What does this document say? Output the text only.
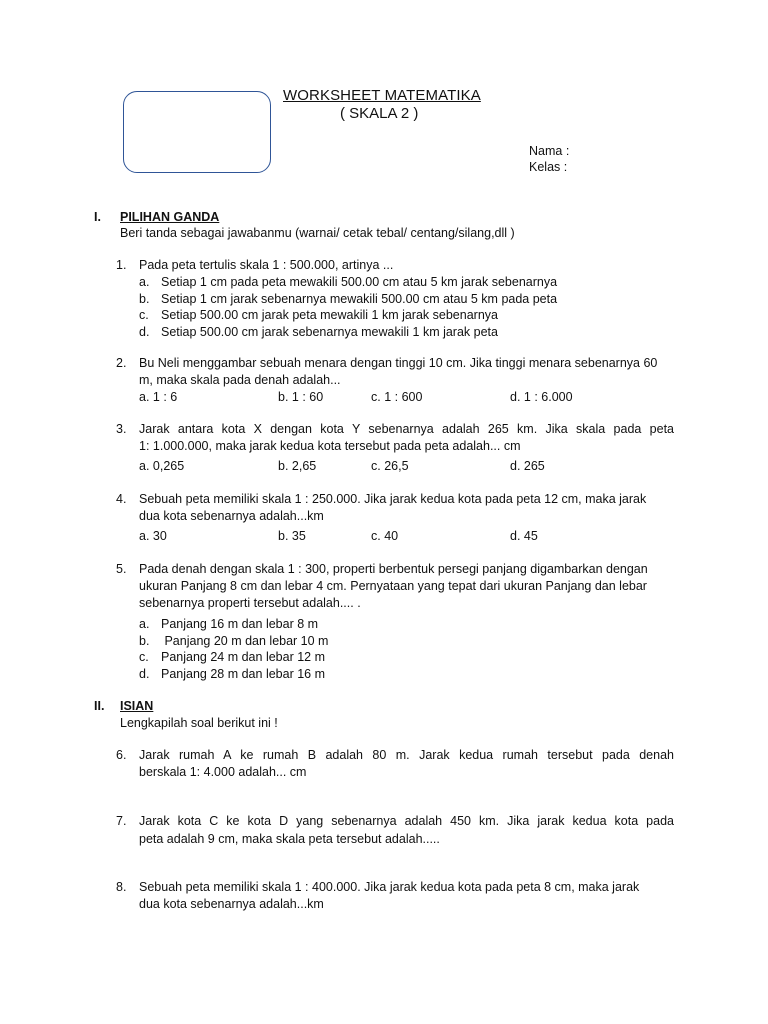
WORKSHEET MATEMATIKA
( SKALA 2 )
Nama :
Kelas :
I. PILIHAN GANDA
Beri tanda sebagai jawabanmu (warnai/ cetak tebal/ centang/silang,dll )
1. Pada peta tertulis skala 1 : 500.000, artinya ...
a. Setiap 1 cm pada peta mewakili 500.00 cm atau 5 km jarak sebenarnya
b. Setiap 1 cm jarak sebenarnya mewakili 500.00 cm atau 5 km pada peta
c. Setiap 500.00 cm jarak peta mewakili 1 km jarak sebenarnya
d. Setiap 500.00 cm jarak sebenarnya mewakili 1 km jarak peta
2. Bu Neli menggambar sebuah menara dengan tinggi 10 cm. Jika tinggi menara sebenarnya 60
m, maka skala pada denah adalah...
a. 1 : 6	b. 1 : 60	c. 1 : 600	d. 1 : 6.000
3. Jarak antara kota X dengan kota Y sebenarnya adalah 265 km. Jika skala pada peta
1: 1.000.000, maka jarak kedua kota tersebut pada peta adalah... cm
a. 0,265	b. 2,65	c. 26,5	d. 265
4. Sebuah peta memiliki skala 1 : 250.000. Jika jarak kedua kota pada peta 12 cm, maka jarak
dua kota sebenarnya adalah...km
a. 30	b. 35	c. 40	d. 45
5. Pada denah dengan skala 1 : 300, properti berbentuk persegi panjang digambarkan dengan
ukuran Panjang 8 cm dan lebar 4 cm. Pernyataan yang tepat dari ukuran Panjang dan lebar
sebenarnya properti tersebut adalah.... .
a. Panjang 16 m dan lebar 8 m
b. Panjang 20 m dan lebar 10 m
c. Panjang 24 m dan lebar 12 m
d. Panjang 28 m dan lebar 16 m
II. ISIAN
Lengkapilah soal berikut ini !
6. Jarak rumah A ke rumah B adalah 80 m. Jarak kedua rumah tersebut pada denah
berskala 1: 4.000 adalah... cm
7. Jarak kota C ke kota D yang sebenarnya adalah 450 km. Jika jarak kedua kota pada
peta adalah 9 cm, maka skala peta tersebut adalah.....
8. Sebuah peta memiliki skala 1 : 400.000. Jika jarak kedua kota pada peta 8 cm, maka jarak
dua kota sebenarnya adalah...km
